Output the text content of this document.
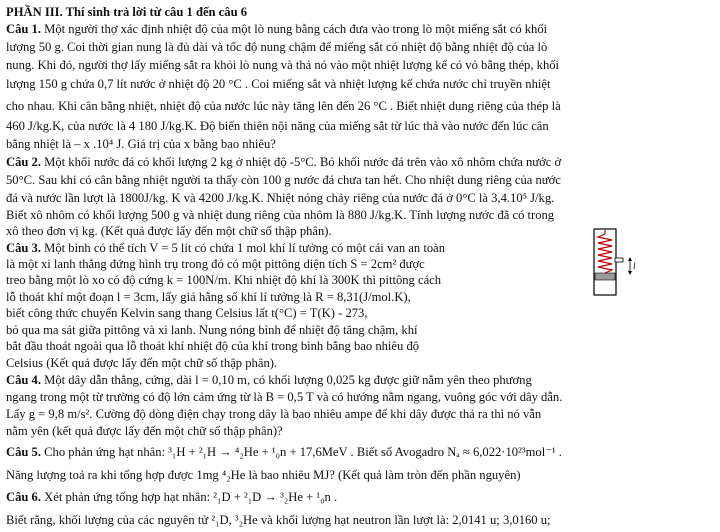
PHẦN III. Thí sinh trả lời từ câu 1 đến câu 6
Câu 1. Một người thợ xác định nhiệt độ của một lò nung bằng cách đưa vào trong lò một miếng sắt có khối
lượng 50 g. Coi thời gian nung là đủ dài và tốc độ nung chậm để miếng sắt có nhiệt độ bằng nhiệt độ của lò
nung. Khi đó, người thợ lấy miếng sắt ra khỏi lò nung và thả nó vào một nhiệt lượng kế có vỏ bằng thép, khối
lượng 150 g chứa 0,7 lít nước ở nhiệt độ 20 °C . Coi miếng sắt và nhiệt lượng kế chứa nước chỉ truyền nhiệt
cho nhau. Khi cân bằng nhiệt, nhiệt độ của nước lúc này tăng lên đến 26 °C . Biết nhiệt dung riêng của thép là
460 J/kg.K, của nước là 4 180 J/kg.K. Độ biến thiên nội năng của miếng sắt từ lúc thả vào nước đến lúc cân
bằng nhiệt là – x .10⁴ J. Giá trị của x bằng bao nhiêu?
Câu 2. Một khối nước đá có khối lượng 2 kg ở nhiệt độ -5°C. Bỏ khối nước đá trên vào xô nhôm chứa nước ở
50°C. Sau khi có cân bằng nhiệt người ta thấy còn 100 g nước đá chưa tan hết. Cho nhiệt dung riêng của nước
đá và nước lần lượt là 1800J/kg. K và 4200 J/kg.K. Nhiệt nóng chảy riêng của nước đá ở 0°C là 3,4.10⁵ J/kg.
Biết xô nhôm có khối lượng 500 g và nhiệt dung riêng của nhôm là 880 J/kg.K. Tính lượng nước đã có trong
xô theo đơn vị kg. (Kết quả được lấy đến một chữ số thập phân).
Câu 3. Một bình có thể tích V = 5 lít có chứa 1 mol khí lí tưởng có một cái van an toàn
là một xi lanh thẳng đứng hình trụ trong đó có một pittông diện tích S = 2cm² được
treo bằng một lò xo có độ cứng k = 100N/m. Khi nhiệt độ khí là 300K thì pittông cách
lỗ thoát khí một đoạn l = 3cm, lấy giá hằng số khí lí tưởng là R = 8,31(J/mol.K),
biết công thức chuyển Kelvin sang thang Celsius lất t(°C) = T(K) - 273,
bỏ qua ma sát giữa pittông và xi lanh. Nung nóng bình để nhiệt độ tăng chậm, khí
bắt đầu thoát ngoài qua lỗ thoát khí nhiệt độ của khí trong bình bằng bao nhiêu độ
Celsius (Kết quả được lấy đến một chữ số thập phân).
l
Câu 4. Một dây dẫn thẳng, cứng, dài l = 0,10 m, có khối lượng 0,025 kg được giữ nằm yên theo phương
ngang trong một từ trường có độ lớn cảm ứng từ là B = 0,5 T và có hướng nằm ngang, vuông góc với dây dẫn.
Lấy g = 9,8 m/s². Cường độ dòng điện chạy trong dây là bao nhiêu ampe để khi dây được thả ra thì nó vẫn
nằm yên (kết quả được lấy đến một chữ số thập phân)?
Câu 5. Cho phản ứng hạt nhân: ³₁H + ²₁H → ⁴₂He + ¹₀n + 17,6MeV . Biết số Avogadro Nₐ ≈ 6,022·10²³mol⁻¹ .
Năng lượng toả ra khi tổng hợp được 1mg ⁴₂He là bao nhiêu MJ? (Kết quả làm tròn đến phần nguyên)
Câu 6. Xét phản ứng tổng hợp hạt nhân: ²₁D + ²₁D → ³₂He + ¹₀n .
Biết rằng, khối lượng của các nguyên tử ²₁D, ³₂He và khối lượng hạt neutron lần lượt là: 2,0141 u; 3,0160 u;
